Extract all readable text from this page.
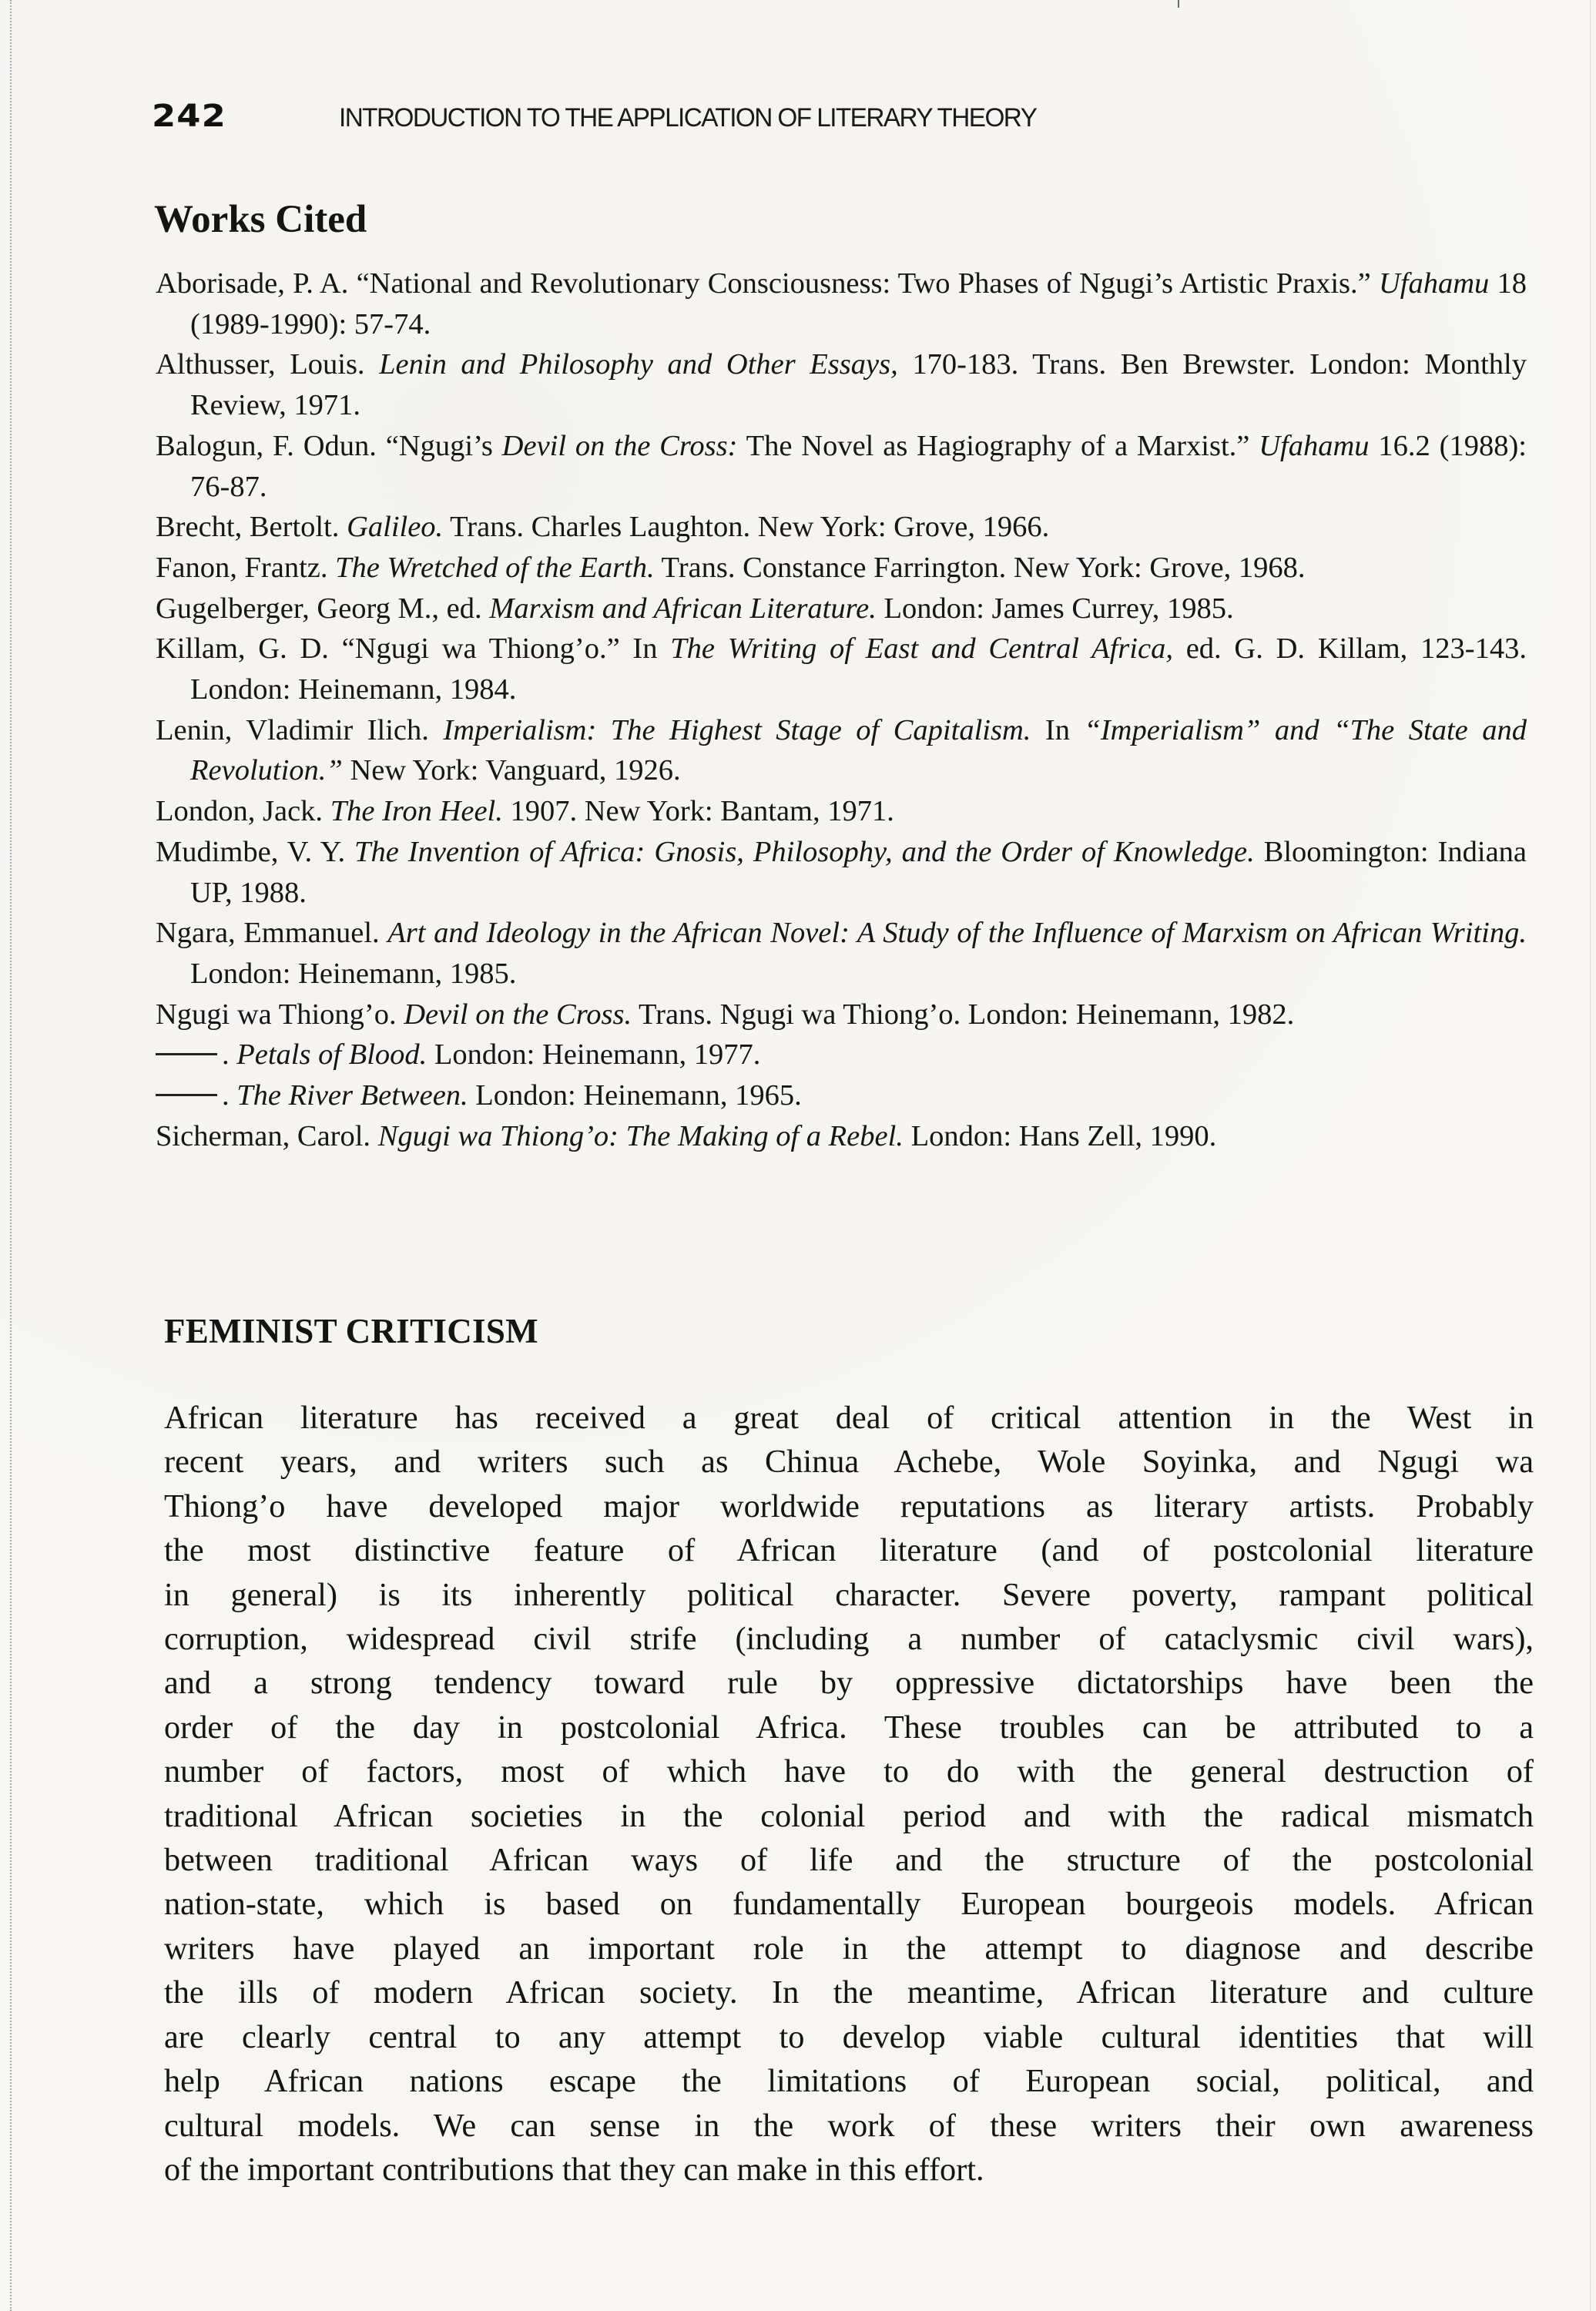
242	INTRODUCTION TO THE APPLICATION OF LITERARY THEORY
Works Cited

Aborisade, P. A. “National and Revolutionary Consciousness: Two Phases of Ngugi’s Artistic Praxis.” Ufahamu 18 (1989-1990): 57-74.

Althusser, Louis. Lenin and Philosophy and Other Essays, 170-183. Trans. Ben Brewster. London: Monthly Review, 1971.

Balogun, F. Odun. “Ngugi’s Devil on the Cross: The Novel as Hagiography of a Marxist.” Ufahamu 16.2 (1988): 76-87.

Brecht, Bertolt. Galileo. Trans. Charles Laughton. New York: Grove, 1966.

Fanon, Frantz. The Wretched of the Earth. Trans. Constance Farrington. New York: Grove, 1968.

Gugelberger, Georg M., ed. Marxism and African Literature. London: James Currey, 1985.

Killam, G. D. “Ngugi wa Thiong’o.” In The Writing of East and Central Africa, ed. G. D. Killam, 123-143. London: Heinemann, 1984.

Lenin, Vladimir Ilich. Imperialism: The Highest Stage of Capitalism. In “Imperialism” and “The State and Revolution.” New York: Vanguard, 1926.

London, Jack. The Iron Heel. 1907. New York: Bantam, 1971.

Mudimbe, V. Y. The Invention of Africa: Gnosis, Philosophy, and the Order of Knowledge. Bloomington: Indiana UP, 1988.

Ngara, Emmanuel. Art and Ideology in the African Novel: A Study of the Influence of Marxism on African Writing. London: Heinemann, 1985.

Ngugi wa Thiong’o. Devil on the Cross. Trans. Ngugi wa Thiong’o. London: Heinemann, 1982.

. Petals of Blood. London: Heinemann, 1977.

. The River Between. London: Heinemann, 1965.

Sicherman, Carol. Ngugi wa Thiong’o: The Making of a Rebel. London: Hans Zell, 1990.

FEMINIST CRITICISM

African literature has received a great deal of critical attention in the West in
recent years, and writers such as Chinua Achebe, Wole Soyinka, and Ngugi wa
Thiong’o have developed major worldwide reputations as literary artists. Probably
the most distinctive feature of African literature (and of postcolonial literature
in general) is its inherently political character. Severe poverty, rampant political
corruption, widespread civil strife (including a number of cataclysmic civil wars),
and a strong tendency toward rule by oppressive dictatorships have been the
order of the day in postcolonial Africa. These troubles can be attributed to a
number of factors, most of which have to do with the general destruction of
traditional African societies in the colonial period and with the radical mismatch
between traditional African ways of life and the structure of the postcolonial
nation-state, which is based on fundamentally European bourgeois models. African
writers have played an important role in the attempt to diagnose and describe
the ills of modern African society. In the meantime, African literature and culture
are clearly central to any attempt to develop viable cultural identities that will
help African nations escape the limitations of European social, political, and
cultural models. We can sense in the work of these writers their own awareness
of the important contributions that they can make in this effort.
